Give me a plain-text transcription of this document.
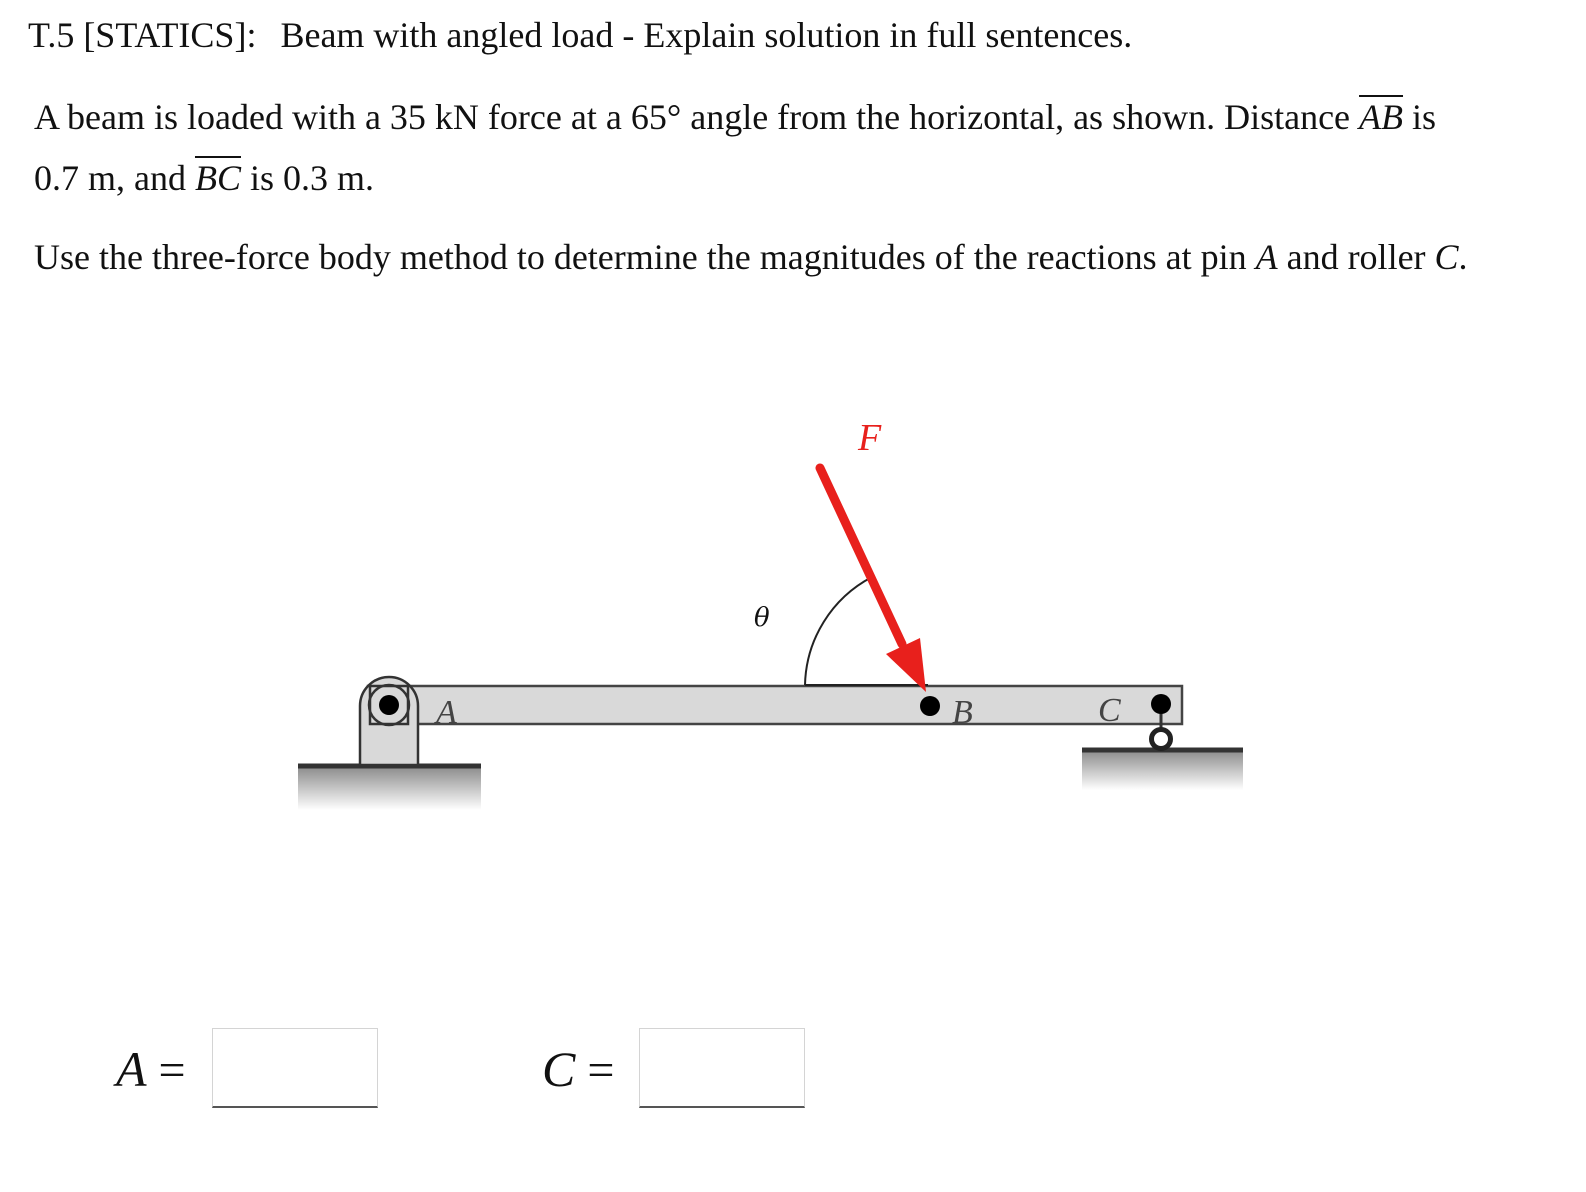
T.5 [STATICS]: Beam with angled load - Explain solution in full sentences.
A beam is loaded with a 35 kN force at a 65° angle from the horizontal, as shown. Distance $\overline{AB}$ is
0.7 m, and $\overline{BC}$ is 0.3 m.
Use the three-force body method to determine the magnitudes of the reactions at pin A and roller C.
F
θ
A	B	C
A =	C =
